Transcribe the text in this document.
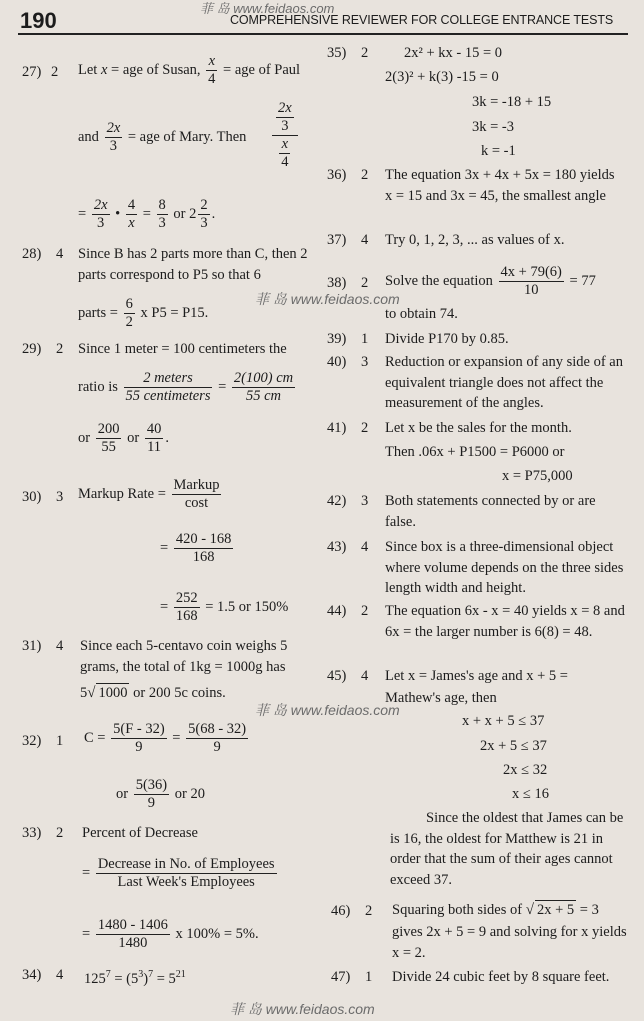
190	COMPREHENSIVE REVIEWER FOR COLLEGE ENTRANCE TESTS
菲 岛 www.feidaos.com
菲 岛 www.feidaos.com
菲 岛 www.feidaos.com
菲 岛 www.feidaos.com
27) 2 Let x = age of Susan, $\frac{x}{4}$ = age of Paul
and $\frac{2x}{3}$ = age of Mary. Then $\frac{\frac{2x}{3}}{\frac{x}{4}}$
= $\frac{2x}{3}$ • $\frac{4}{x} = \frac{8}{3}$ or $2 \frac{2}{3}$ .
28) 4 Since B has 2 parts more than C, then 2 parts correspond to P5 so that 6
parts = $\frac{6}{2}$ x P5 = P15.
29) 2 Since 1 meter = 100 centimeters the
ratio is $\frac{\text{2 meters}}{\text{55 centimeters}} = \frac{2(100) cm}{55 cm}$
or $\frac{200}{55}$ or $\frac{40}{11}$ .
30) 3 Markup Rate = $\frac{\text{Markup}}{\cos t}$
= $\frac{420 - 168}{168}$
= $\frac{252}{168} = 1.5$ or 150%
31) 4 Since each 5-centavo coin weighs 5 grams, the total of 1kg = 1000g has
5√ 1000 or 200 5c coins.
32) 1 $C = \frac{5(F - 32)}{9} = \frac{5(68 - 32)}{9}$
or $\frac{5(36)}{9}$ or 20
33) 2 Percent of Decrease
= $\frac{\text{Decrease in No. of Employees}}{\text{Last Week's Employees}}$
= $\frac{1480 - 1406}{1480}$ x 100% = 5%.
34) 4 $125^7 = (5^3)^7 = 5^{21}$
35) 2 2x² + kx - 15 = 0
2(3)² + k(3) -15 = 0
3k = -18 + 15
3k = -3
k = -1
36) 2 The equation 3x + 4x + 5x = 180 yields x = 15 and 3x = 45, the smallest angle
37) 4 Try 0, 1, 2, 3, ... as values of x.
38) 2 Solve the equation $\frac{4x + 79(6)}{10} = 77$
to obtain 74.
39) 1 Divide P170 by 0.85.
40) 3 Reduction or expansion of any side of an equivalent triangle does not affect the measurement of the angles.
41) 2 Let x be the sales for the month.
Then .06x + P1500 = P6000 or
x = P75,000
42) 3 Both statements connected by or are false.
43) 4 Since box is a three-dimensional object where volume depends on the three sides length width and height.
44) 2 The equation 6x - x = 40 yields x = 8 and 6x = the larger number is 6(8) = 48.
45) 4 Let x = James's age and x + 5 =
Mathew's age, then
x + x + 5 ≤ 37
2x + 5 ≤ 37
2x ≤ 32
x ≤ 16
Since the oldest that James can be is 16, the oldest for Matthew is 21 in order that the sum of their ages cannot exceed 37.
46) 2 Squaring both sides of √ 2x + 5 = 3
gives 2x + 5 = 9 and solving for x yields x = 2.
47) 1 Divide 24 cubic feet by 8 square feet.
